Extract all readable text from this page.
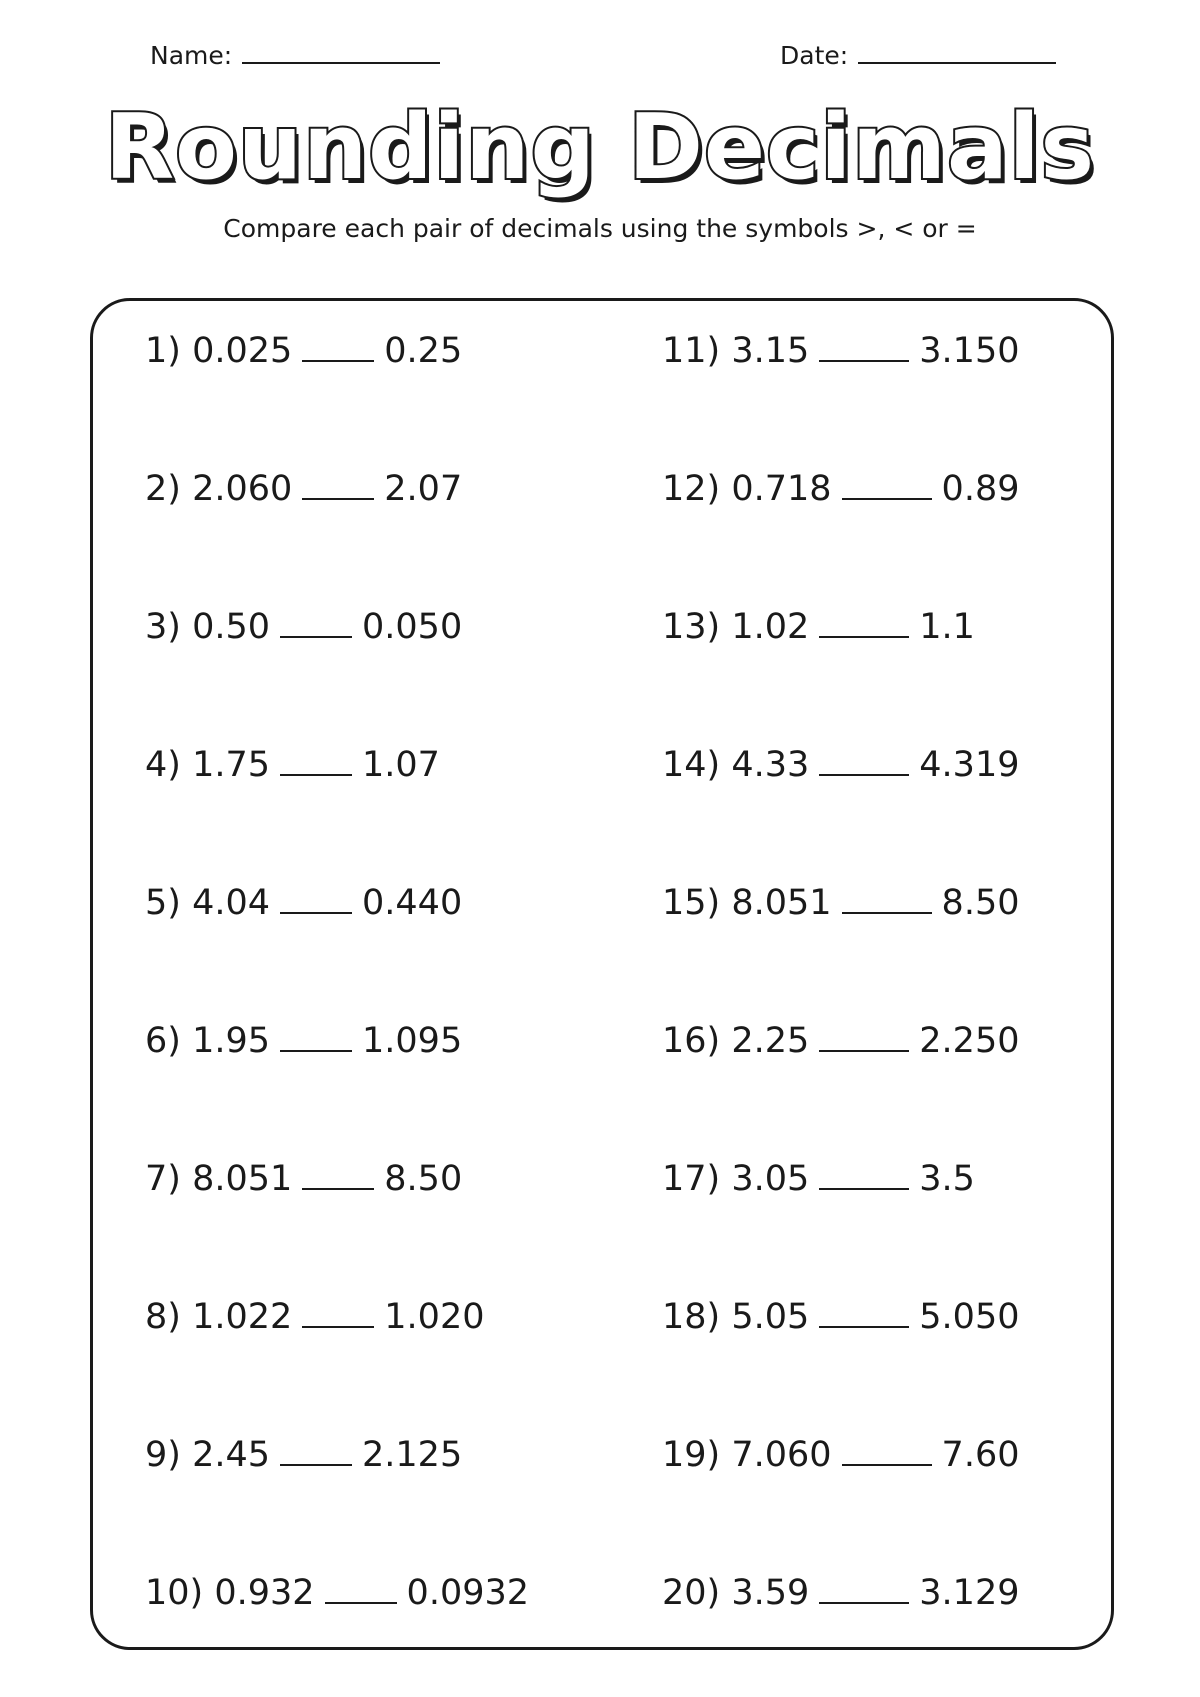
Name:	Date:
Rounding Decimals
Compare each pair of decimals using the symbols >, < or =
1) 0.025	0.25
2) 2.060	2.07
3) 0.50	0.050
4) 1.75	1.07
5) 4.04	0.440
6) 1.95	1.095
7) 8.051	8.50
8) 1.022	1.020
9) 2.45	2.125
10) 0.932	0.0932
11) 3.15	3.150
12) 0.718	0.89
13) 1.02	1.1
14) 4.33	4.319
15) 8.051	8.50
16) 2.25	2.250
17) 3.05	3.5
18) 5.05	5.050
19) 7.060	7.60
20) 3.59	3.129
